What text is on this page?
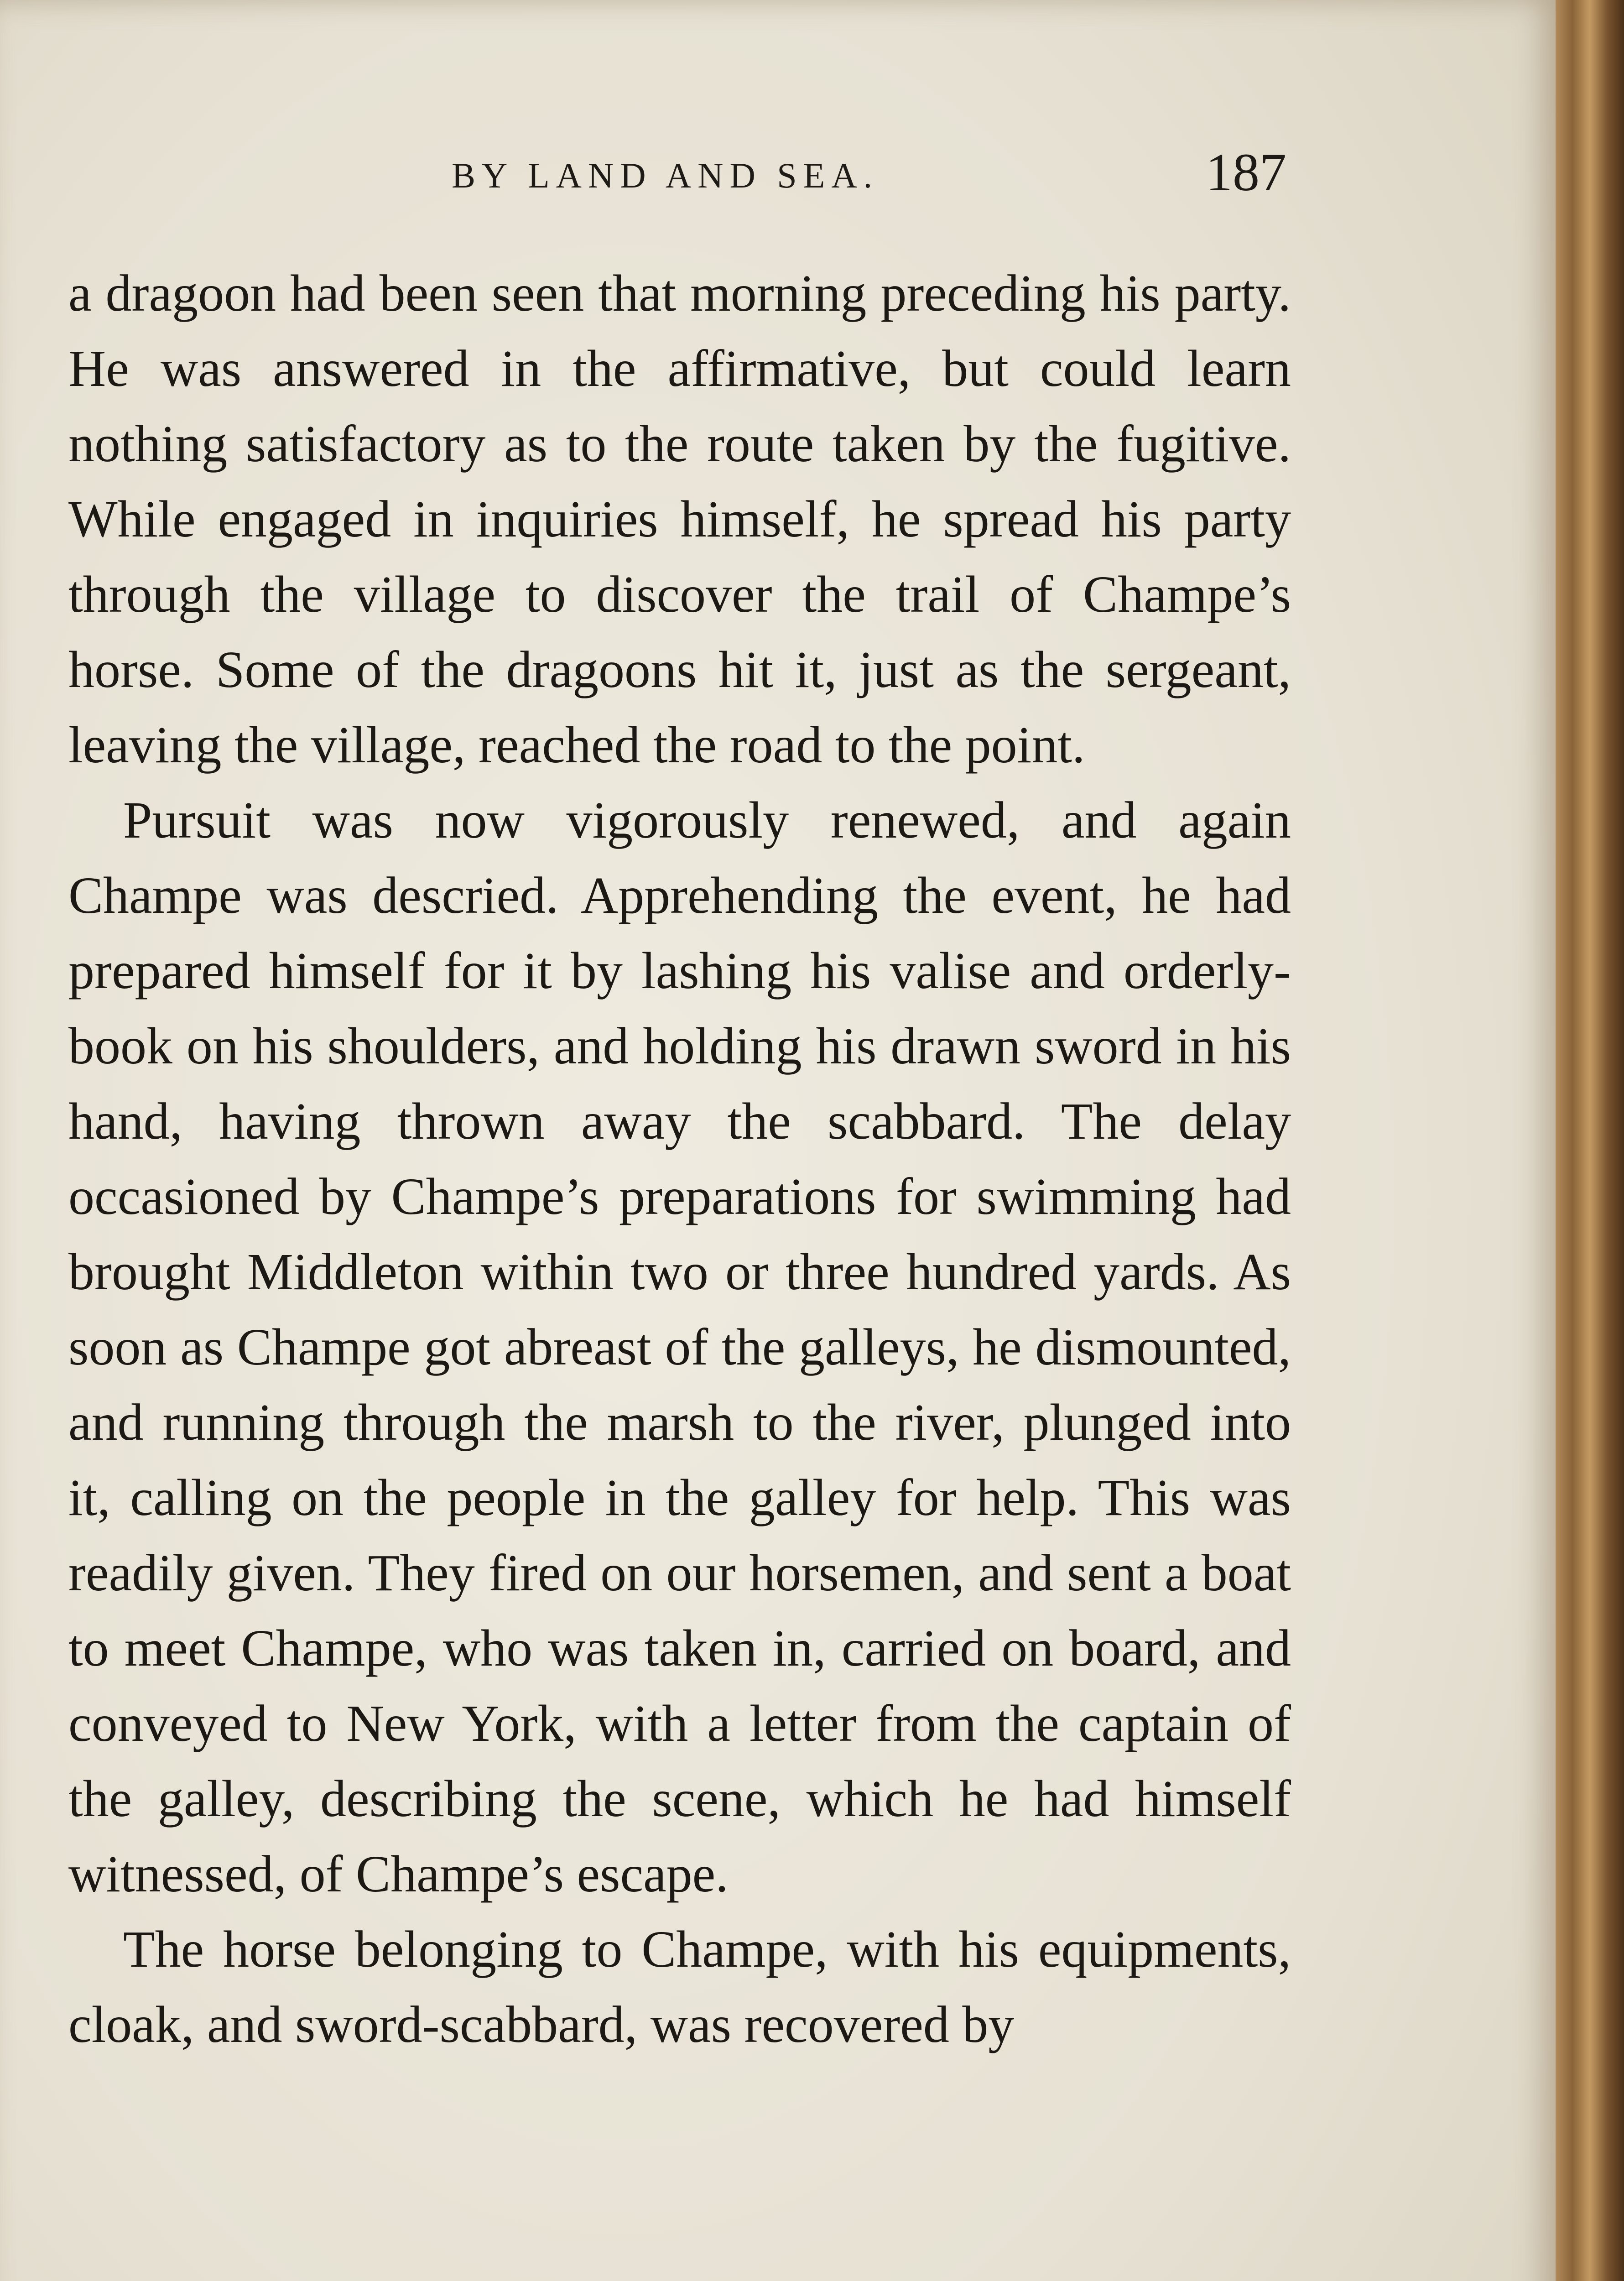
BY LAND AND SEA.	187

a dragoon had been seen that morning preceding his party. He was answered in the affirmative, but could learn nothing satisfactory as to the route taken by the fugitive. While engaged in inquiries himself, he spread his party through the village to discover the trail of Champe’s horse. Some of the dragoons hit it, just as the sergeant, leaving the village, reached the road to the point.

Pursuit was now vigorously renewed, and again Champe was descried. Apprehending the event, he had prepared himself for it by lashing his valise and orderly-book on his shoulders, and holding his drawn sword in his hand, having thrown away the scabbard. The delay occasioned by Champe’s preparations for swimming had brought Middleton within two or three hundred yards. As soon as Champe got abreast of the galleys, he dismounted, and running through the marsh to the river, plunged into it, calling on the people in the galley for help. This was readily given. They fired on our horsemen, and sent a boat to meet Champe, who was taken in, carried on board, and conveyed to New York, with a letter from the captain of the galley, describing the scene, which he had himself witnessed, of Champe’s escape.

The horse belonging to Champe, with his equipments, cloak, and sword-scabbard, was recovered by
